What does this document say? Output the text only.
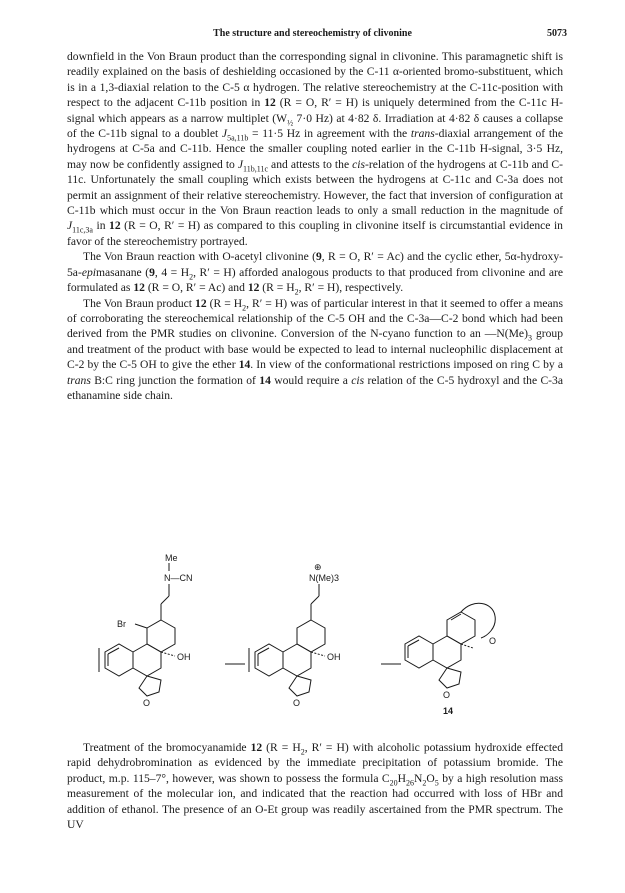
The structure and stereochemistry of clivonine	5073

downfield in the Von Braun product than the corresponding signal in clivonine. This paramagnetic shift is readily explained on the basis of deshielding occasioned by the C-11 α-oriented bromo-substituent, which is in a 1,3-diaxial relation to the C-5 α hydrogen. The relative stereochemistry at the C-11c-position with respect to the adjacent C-11b position in 12 (R = O, R′ = H) is uniquely determined from the C-11c H-signal which appears as a narrow multiplet ($W_{\frac{1}{2}}$ 7·0 Hz) at 4·82 δ. Irradiation at 4·82 δ causes a collapse of the C-11b signal to a doublet $J_{5a,11b} = 11\cdot 5$ Hz in agreement with the trans-diaxial arrangement of the hydrogens at C-5a and C-11b. Hence the smaller coupling noted earlier in the C-11b H-signal, 3·5 Hz, may now be confidently assigned to $J_{11b,11c}$ and attests to the cis-relation of the hydrogens at C-11b and C-11c. Unfortunately the small coupling which exists between the hydrogens at C-11c and C-3a does not permit an assignment of their relative stereochemistry. However, the fact that inversion of configuration at C-11b which must occur in the Von Braun reaction leads to only a small reduction in the magnitude of $J_{11c,3a}$ in 12 (R = O, R′ = H) as compared to this coupling in clivonine itself is circumstantial evidence in favor of the stereochemistry portrayed.

The Von Braun reaction with O-acetyl clivonine (9, R = O, R′ = Ac) and the cyclic ether, 5α-hydroxy-5a-epimasanane (9, $4 = H_2$, R′ = H) afforded analogous products to that produced from clivonine and are formulated as 12 (R = O, R′ = Ac) and 12 ($R = H_2$, R′ = H), respectively.

The Von Braun product 12 ($R = H_2$, R′ = H) was of particular interest in that it seemed to offer a means of corroborating the stereochemical relationship of the C-5 OH and the C-3a—C-2 bond which had been derived from the PMR studies on clivonine. Conversion of the N-cyano function to an $—N(Me)_3$ group and treatment of the product with base would be expected to lead to internal nucleophilic displacement at C-2 by the C-5 OH to give the ether 14. In view of the conformational restrictions imposed on ring C by a trans B:C ring junction the formation of 14 would require a cis relation of the C-5 hydroxyl and the C-3a ethanamine side chain.

Me
N—CN
Br
OH
O
⊕
N(Me)3
OH
O
O
O
14

Treatment of the bromocyanamide 12 ($R = H_2$, R′ = H) with alcoholic potassium hydroxide effected rapid dehydrobromination as evidenced by the immediate precipitation of potassium bromide. The product, m.p. 115–7°, however, was shown to possess the formula $C_{20}H_{26}N_2O_5$ by a high resolution mass measurement of the molecular ion, and indicated that the reaction had occurred with loss of HBr and addition of ethanol. The presence of an O-Et group was readily ascertained from the PMR spectrum. The UV
